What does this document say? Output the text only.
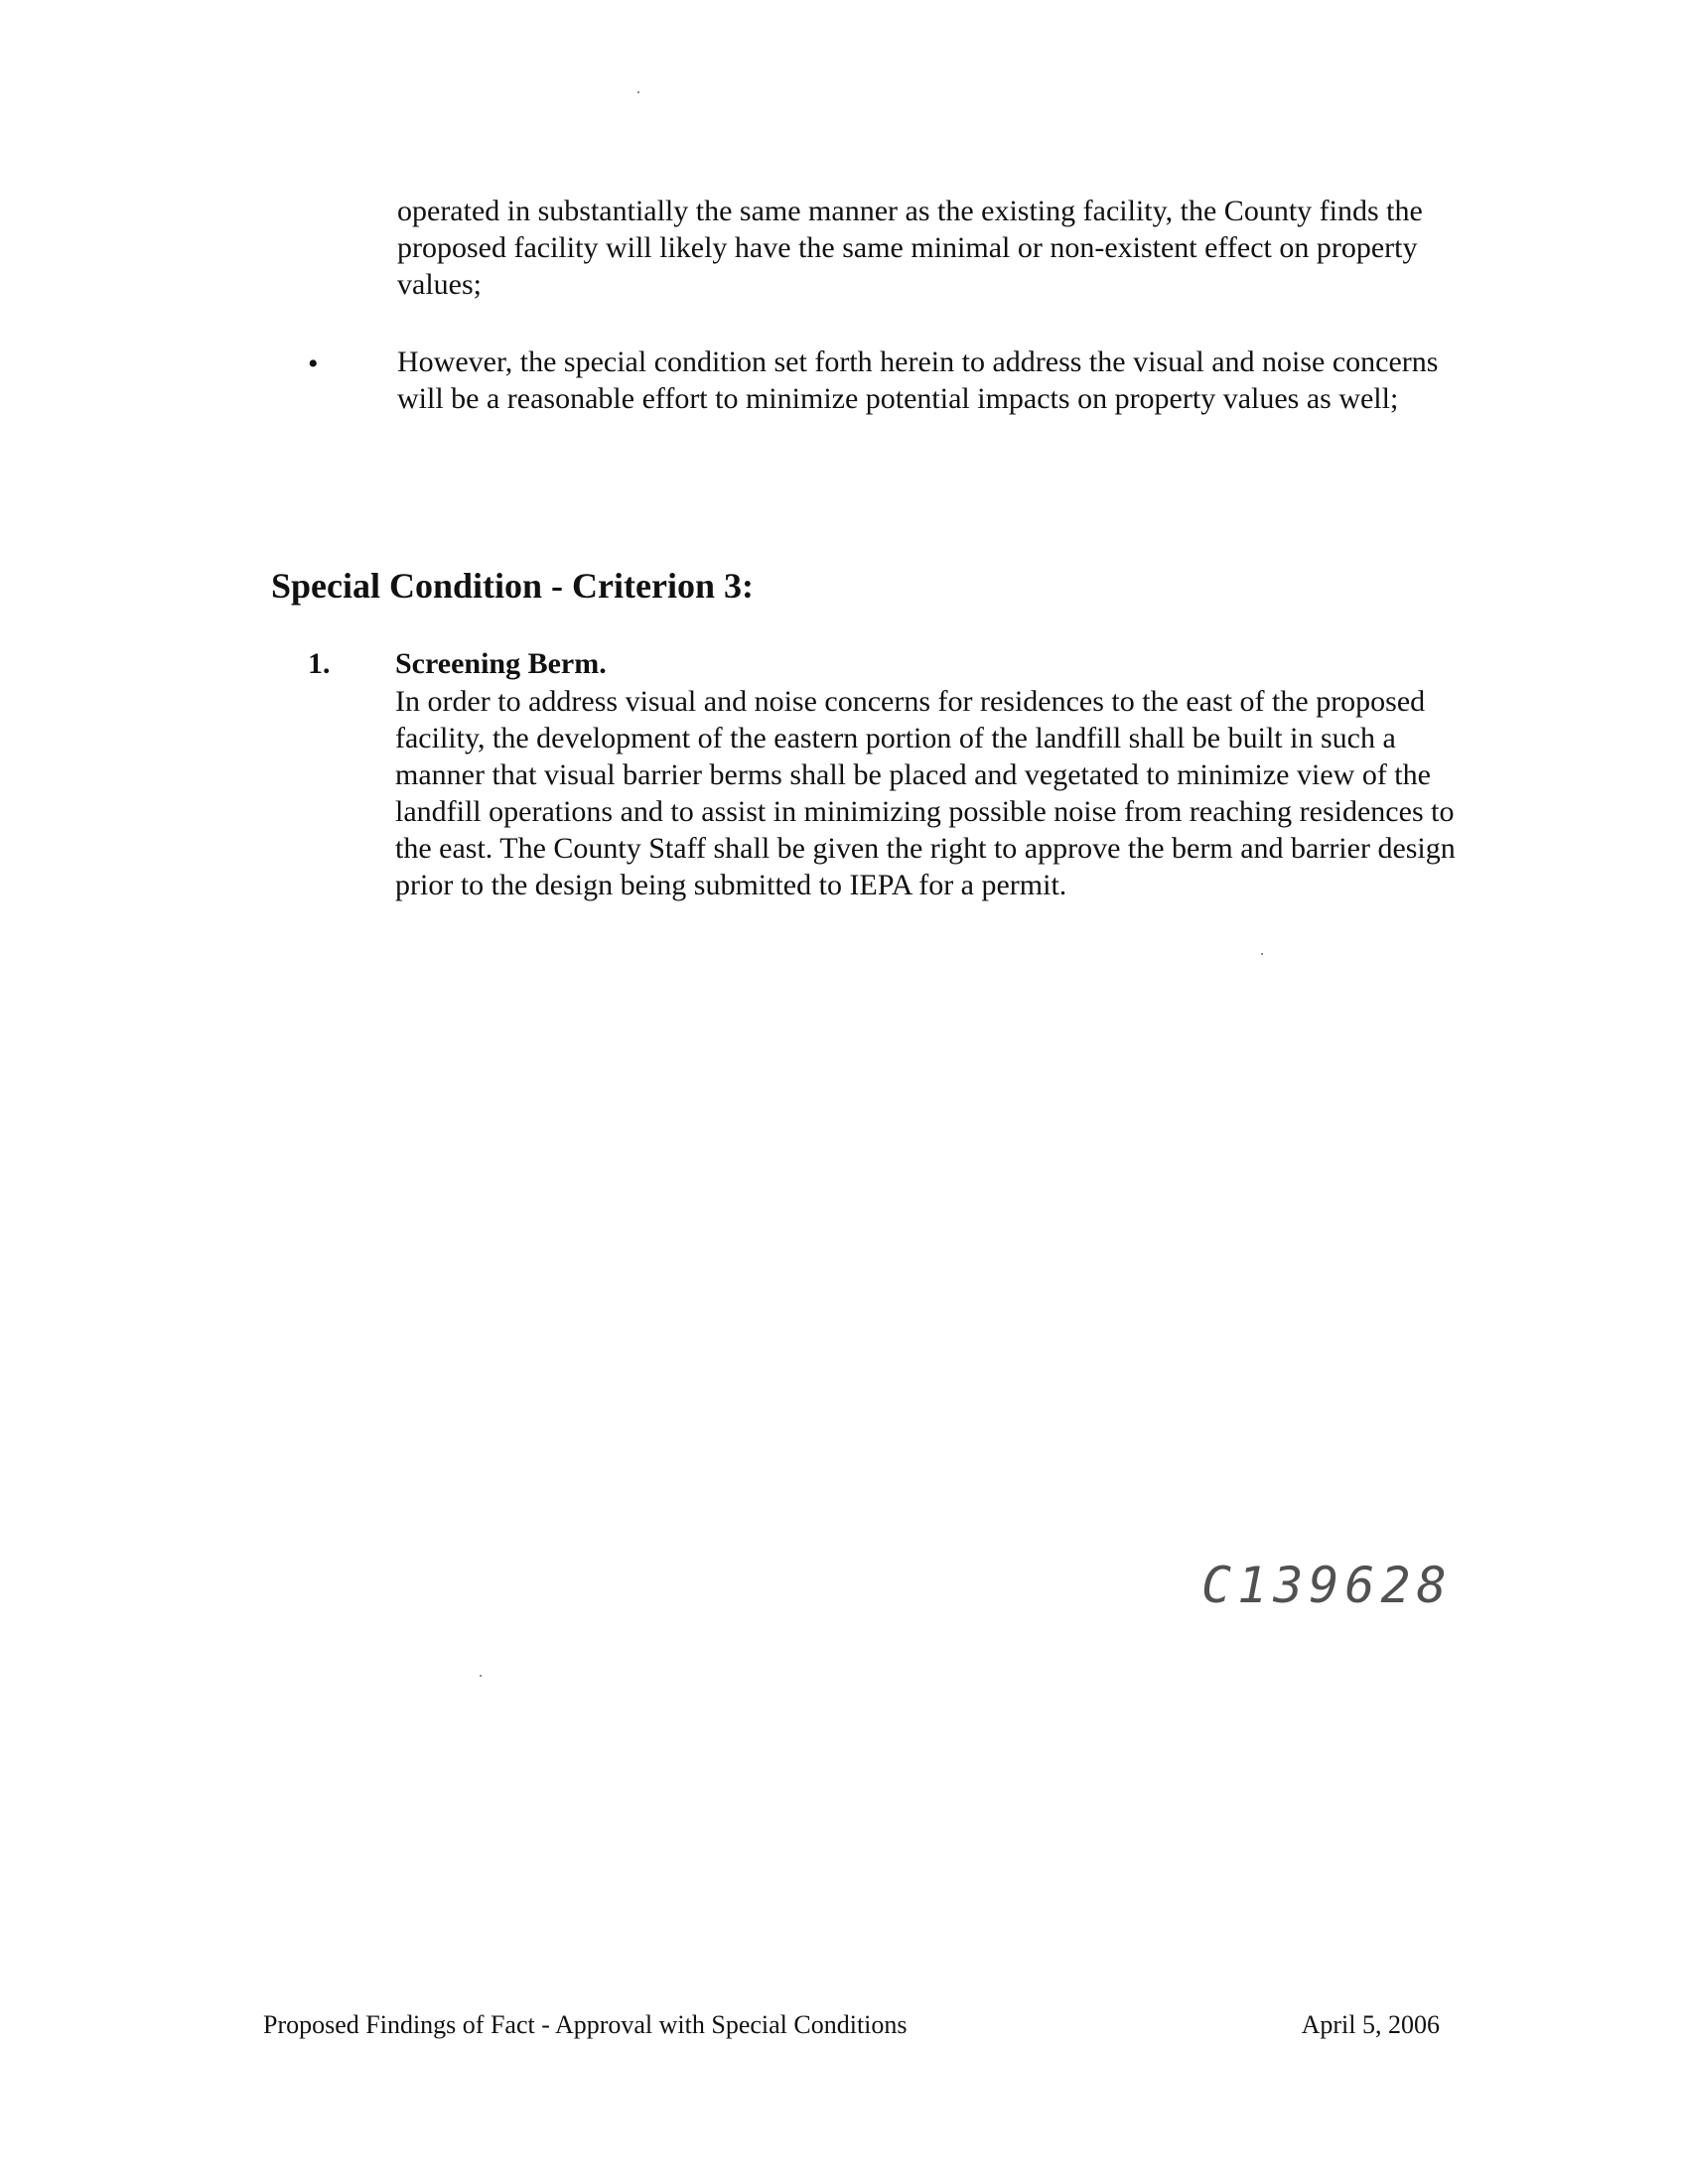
operated in substantially the same manner as the existing facility, the County finds the proposed facility will likely have the same minimal or non-existent effect on property values;

•	However, the special condition set forth herein to address the visual and noise concerns will be a reasonable effort to minimize potential impacts on property values as well;

Special Condition - Criterion 3:
1. Screening Berm.

In order to address visual and noise concerns for residences to the east of the proposed facility, the development of the eastern portion of the landfill shall be built in such a manner that visual barrier berms shall be placed and vegetated to minimize view of the landfill operations and to assist in minimizing possible noise from reaching residences to the east. The County Staff shall be given the right to approve the berm and barrier design prior to the design being submitted to IEPA for a permit.

C139628
Proposed Findings of Fact - Approval with Special Conditions	April 5, 2006
